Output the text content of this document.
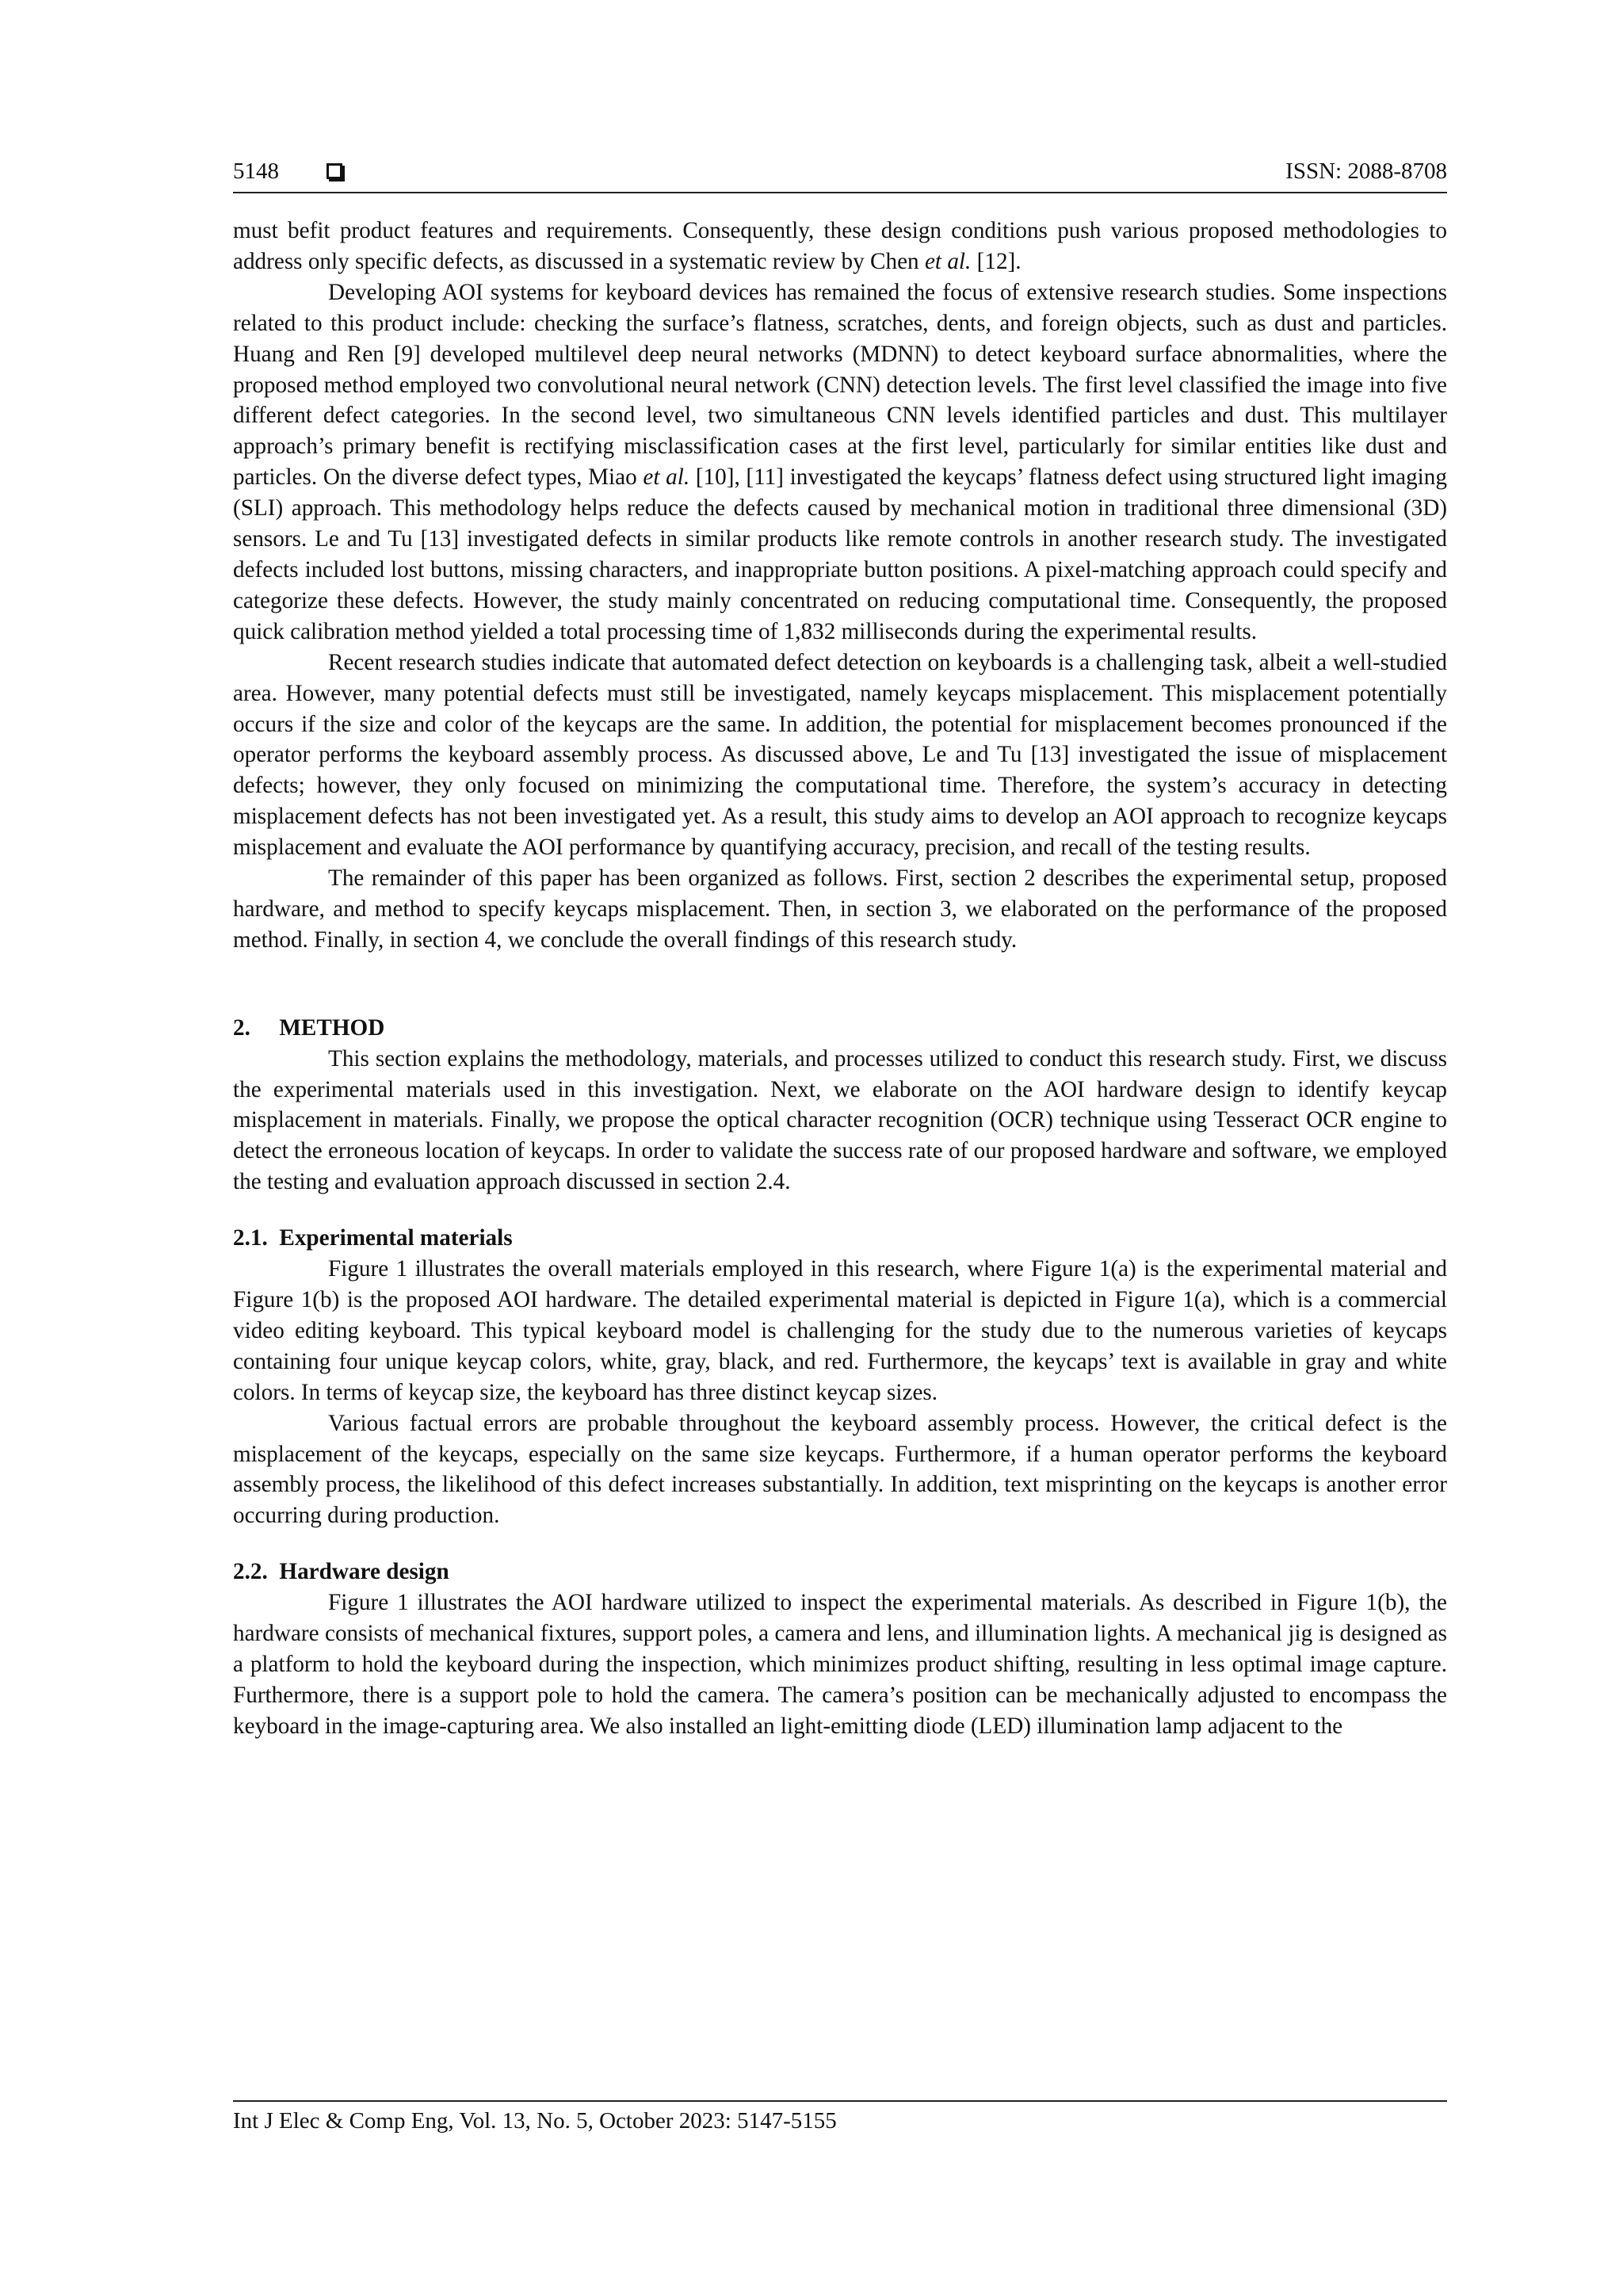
5148	ISSN: 2088-8708

must befit product features and requirements. Consequently, these design conditions push various proposed methodologies to address only specific defects, as discussed in a systematic review by Chen et al. [12].

Developing AOI systems for keyboard devices has remained the focus of extensive research studies. Some inspections related to this product include: checking the surface’s flatness, scratches, dents, and foreign objects, such as dust and particles. Huang and Ren [9] developed multilevel deep neural networks (MDNN) to detect keyboard surface abnormalities, where the proposed method employed two convolutional neural network (CNN) detection levels. The first level classified the image into five different defect categories. In the second level, two simultaneous CNN levels identified particles and dust. This multilayer approach’s primary benefit is rectifying misclassification cases at the first level, particularly for similar entities like dust and particles. On the diverse defect types, Miao et al. [10], [11] investigated the keycaps’ flatness defect using structured light imaging (SLI) approach. This methodology helps reduce the defects caused by mechanical motion in traditional three dimensional (3D) sensors. Le and Tu [13] investigated defects in similar products like remote controls in another research study. The investigated defects included lost buttons, missing characters, and inappropriate button positions. A pixel-matching approach could specify and categorize these defects. However, the study mainly concentrated on reducing computational time. Consequently, the proposed quick calibration method yielded a total processing time of 1,832 milliseconds during the experimental results.

Recent research studies indicate that automated defect detection on keyboards is a challenging task, albeit a well-studied area. However, many potential defects must still be investigated, namely keycaps misplacement. This misplacement potentially occurs if the size and color of the keycaps are the same. In addition, the potential for misplacement becomes pronounced if the operator performs the keyboard assembly process. As discussed above, Le and Tu [13] investigated the issue of misplacement defects; however, they only focused on minimizing the computational time. Therefore, the system’s accuracy in detecting misplacement defects has not been investigated yet. As a result, this study aims to develop an AOI approach to recognize keycaps misplacement and evaluate the AOI performance by quantifying accuracy, precision, and recall of the testing results.

The remainder of this paper has been organized as follows. First, section 2 describes the experimental setup, proposed hardware, and method to specify keycaps misplacement. Then, in section 3, we elaborated on the performance of the proposed method. Finally, in section 4, we conclude the overall findings of this research study.

2.     METHOD

This section explains the methodology, materials, and processes utilized to conduct this research study. First, we discuss the experimental materials used in this investigation. Next, we elaborate on the AOI hardware design to identify keycap misplacement in materials. Finally, we propose the optical character recognition (OCR) technique using Tesseract OCR engine to detect the erroneous location of keycaps. In order to validate the success rate of our proposed hardware and software, we employed the testing and evaluation approach discussed in section 2.4.

2.1.  Experimental materials

Figure 1 illustrates the overall materials employed in this research, where Figure 1(a) is the experimental material and Figure 1(b) is the proposed AOI hardware. The detailed experimental material is depicted in Figure 1(a), which is a commercial video editing keyboard. This typical keyboard model is challenging for the study due to the numerous varieties of keycaps containing four unique keycap colors, white, gray, black, and red. Furthermore, the keycaps’ text is available in gray and white colors. In terms of keycap size, the keyboard has three distinct keycap sizes.

Various factual errors are probable throughout the keyboard assembly process. However, the critical defect is the misplacement of the keycaps, especially on the same size keycaps. Furthermore, if a human operator performs the keyboard assembly process, the likelihood of this defect increases substantially. In addition, text misprinting on the keycaps is another error occurring during production.

2.2.  Hardware design

Figure 1 illustrates the AOI hardware utilized to inspect the experimental materials. As described in Figure 1(b), the hardware consists of mechanical fixtures, support poles, a camera and lens, and illumination lights. A mechanical jig is designed as a platform to hold the keyboard during the inspection, which minimizes product shifting, resulting in less optimal image capture. Furthermore, there is a support pole to hold the camera. The camera’s position can be mechanically adjusted to encompass the keyboard in the image-capturing area. We also installed an light-emitting diode (LED) illumination lamp adjacent to the

Int J Elec & Comp Eng, Vol. 13, No. 5, October 2023: 5147-5155
